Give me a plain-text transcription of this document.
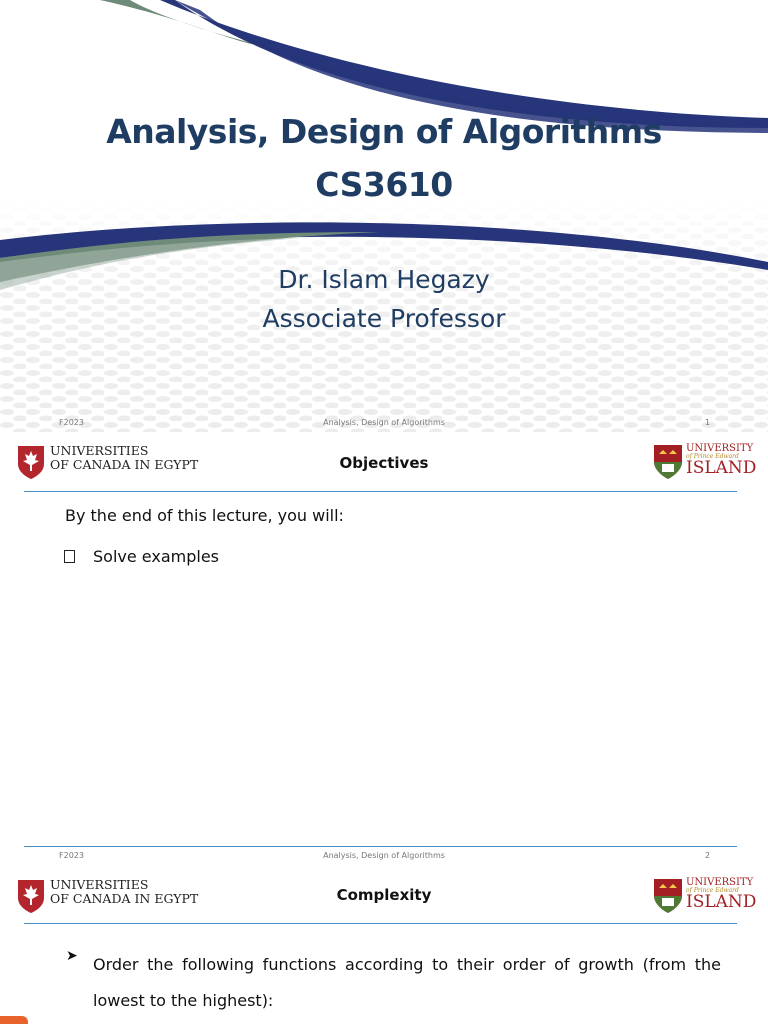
Analysis, Design of Algorithms
CS3610
Dr. Islam Hegazy
Associate Professor
F2023	Analysis, Design of Algorithms	1
UNIVERSITIES
OF CANADA IN EGYPT	Objectives
UNIVERSITY
of Prince Edward
ISLAND
By the end of this lecture, you will:
Solve examples
F2023	Analysis, Design of Algorithms	2
UNIVERSITIES
OF CANADA IN EGYPT	Complexity
UNIVERSITY
of Prince Edward
ISLAND
➤ Order the following functions according to their order of growth (from the
lowest to the highest):
